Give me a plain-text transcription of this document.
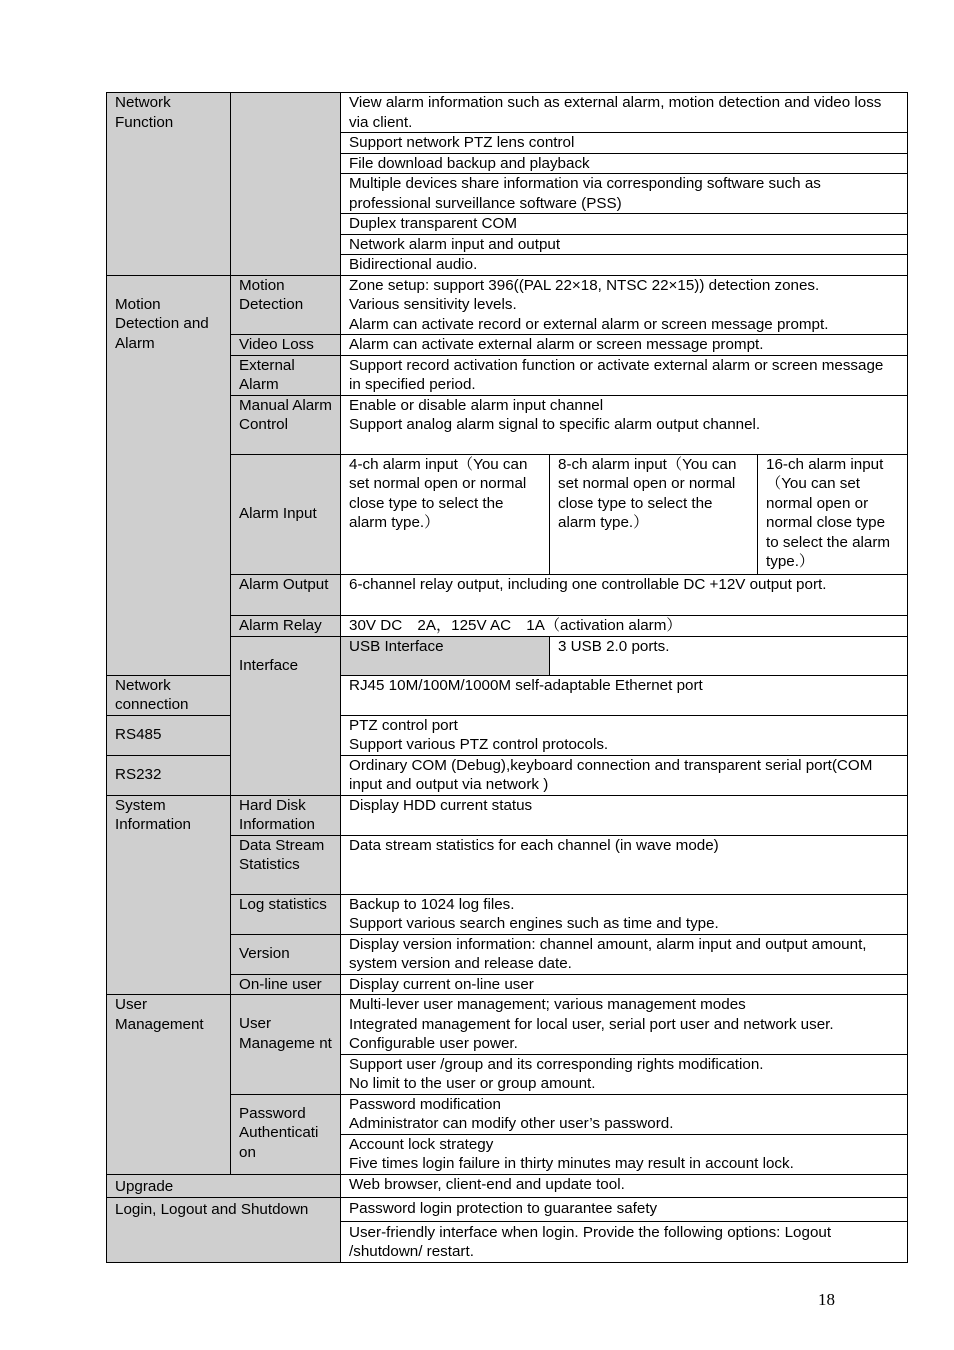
Network Function		View alarm information such as external alarm, motion detection and video loss via client.		
		Support network PTZ lens control		
		File download backup and playback		
		Multiple devices share information via corresponding software such as professional surveillance software (PSS)		
		Duplex transparent COM		
		Network alarm input and output		
		Bidirectional audio.		

Motion Detection and Alarm	Motion Detection	Zone setup: support 396((PAL 22×18, NTSC 22×15)) detection zones.
Various sensitivity levels.
Alarm can activate record or external alarm or screen message prompt.		

	Video Loss	Alarm can activate external alarm or screen message prompt.		
	External Alarm	Support record activation function or activate external alarm or screen message in specified period.		
	Manual Alarm Control	Enable or disable alarm input channel
Support analog alarm signal to specific alarm output channel.		

	Alarm Input	4-ch alarm input（You can set normal open or normal close type to select the alarm type.）	8-ch alarm input（You can set normal open or normal close type to select the alarm type.）	16-ch alarm input（You can set normal open or normal close type to select the alarm type.）
	Alarm Output	6-channel relay output, including one controllable DC +12V output port.		
	Alarm Relay	30V DC　2A，125V AC　1A（activation alarm）		

	Interface	USB Interface	3 USB 2.0 ports.	
Network connection		RJ45 10M/100M/1000M self-adaptable Ethernet port		
RS485		PTZ control port
Support various PTZ control protocols.		

RS232		Ordinary COM (Debug),keyboard connection and transparent serial port(COM input and output via network )		
System Information	Hard Disk Information	Display HDD current status		
	Data Stream Statistics	Data stream statistics for each channel (in wave mode)		
	Log statistics	Backup to 1024 log files.
Support various search engines such as time and type.		

	Version	Display version information: channel amount, alarm input and output amount, system version and release date.		
	On-line user	Display current on-line user		
User Management	User Manageme nt	Multi-lever user management; various management modes
Integrated management for local user, serial port user and network user.
Configurable user power.		

		Support user /group and its corresponding rights modification.
No limit to the user or group amount.		

	Password Authenticati on	Password modification
Administrator can modify other user’s password.		

		Account lock strategy
Five times login failure in thirty minutes may result in account lock.		

Upgrade		Web browser, client-end and update tool.		
Login, Logout and Shutdown		Password login protection to guarantee safety		
		User-friendly interface when login. Provide the following options: Logout /shutdown/ restart.		
18
